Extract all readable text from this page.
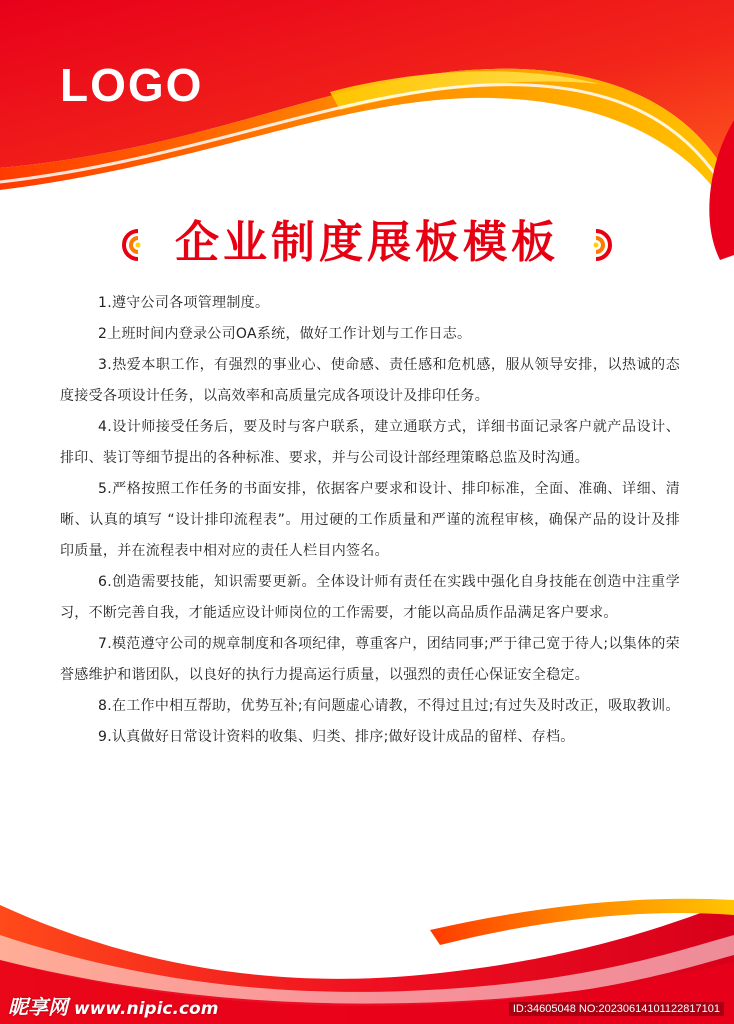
LOGO
企业制度展板模板

1.遵守公司各项管理制度。

2上班时间内登录公司OA系统，做好工作计划与工作日志。

3.热爱本职工作，有强烈的事业心、使命感、责任感和危机感，服从领导安排，以热诚的态度接受各项设计任务，以高效率和高质量完成各项设计及排印任务。

4.设计师接受任务后，要及时与客户联系，建立通联方式，详细书面记录客户就产品设计、排印、装订等细节提出的各种标准、要求，并与公司设计部经理策略总监及时沟通。

5.严格按照工作任务的书面安排，依据客户要求和设计、排印标准，全面、准确、详细、清晰、认真的填写 “设计排印流程表”。用过硬的工作质量和严谨的流程审核，确保产品的设计及排印质量，并在流程表中相对应的责任人栏目内签名。

6.创造需要技能，知识需要更新。全体设计师有责任在实践中强化自身技能在创造中注重学习，不断完善自我，才能适应设计师岗位的工作需要，才能以高品质作品满足客户要求。

7.模范遵守公司的规章制度和各项纪律，尊重客户，团结同事;严于律己宽于待人;以集体的荣誉感维护和谐团队，以良好的执行力提高运行质量，以强烈的责任心保证安全稳定。

8.在工作中相互帮助，优势互补;有问题虚心请教，不得过且过;有过失及时改正，吸取教训。

9.认真做好日常设计资料的收集、归类、排序;做好设计成品的留样、存档。

昵享网 www.nipic.com	ID:34605048 NO:20230614101122817101
